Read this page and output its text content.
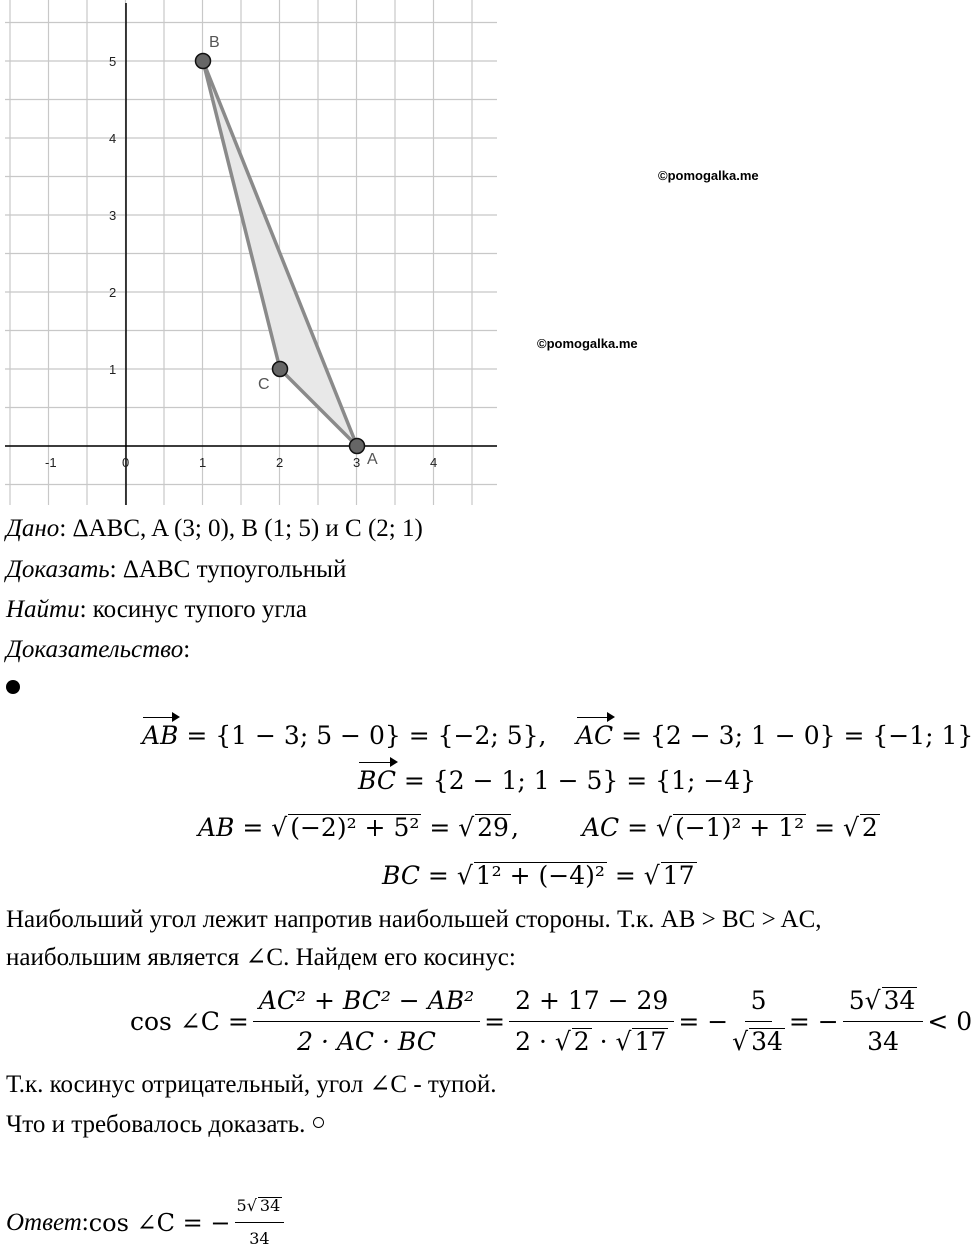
-1	0	1	2	3	4
1
2
3
4
5
A
B
C
©pomogalka.me
©pomogalka.me
Дано: ΔABC, A (3; 0), B (1; 5) и C (2; 1)
Доказать: ΔABC тупоугольный
Найти: косинус тупого угла
Доказательство:
AB = {1 − 3; 5 − 0} = {−2; 5}, AC = {2 − 3; 1 − 0} = {−1; 1}
BC = {2 − 1; 1 − 5} = {1; −4}
AB = √ (−2)² + 5² = √ 29,	AC = √ (−1)² + 1² = √ 2
BC = √ 1² + (−4)² = √ 17
Наибольший угол лежит напротив наибольшей стороны. Т.к. AB > BC > AC,
наибольшим является ∠C. Найдем его косинус:
cos ∠C = $\frac{\text{AC² + BC² − AB²}}{2 \cdot AC \cdot BC} = \frac{2 + 17 - 29}{2 \cdot √ 2 \cdot √ 17}$ = − $\frac{5}{√ 34}$ = − $\frac{5√ 34}{34} < 0$
Т.к. косинус отрицательный, угол ∠C - тупой.
Что и требовалось доказать.
Ответ : cos ∠C = − $\frac{5√ 34}{34}$
